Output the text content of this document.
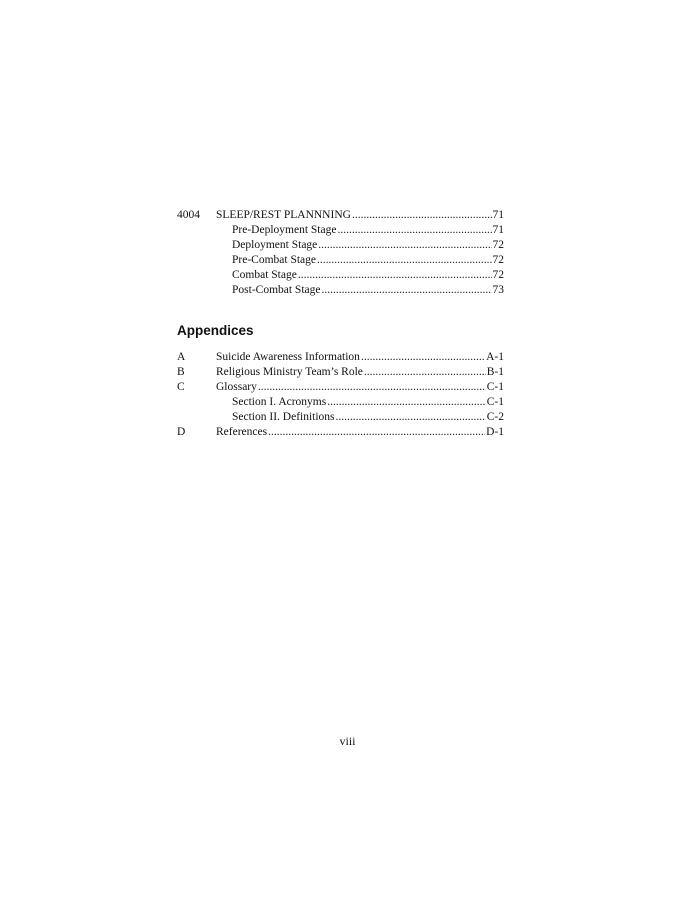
4004 SLEEP/REST PLANNNING .....	71
Pre-Deployment Stage .....	71
Deployment Stage .....	72
Pre-Combat Stage .....	72
Combat Stage .....	72
Post-Combat Stage .....	73
Appendices
A	Suicide Awareness Information .....	A-1
B	Religious Ministry Team’s Role .....	B-1
C	Glossary .....	C-1
Section I. Acronyms .....	C-1
Section II. Definitions .....	C-2
D	References .....	D-1
viii
